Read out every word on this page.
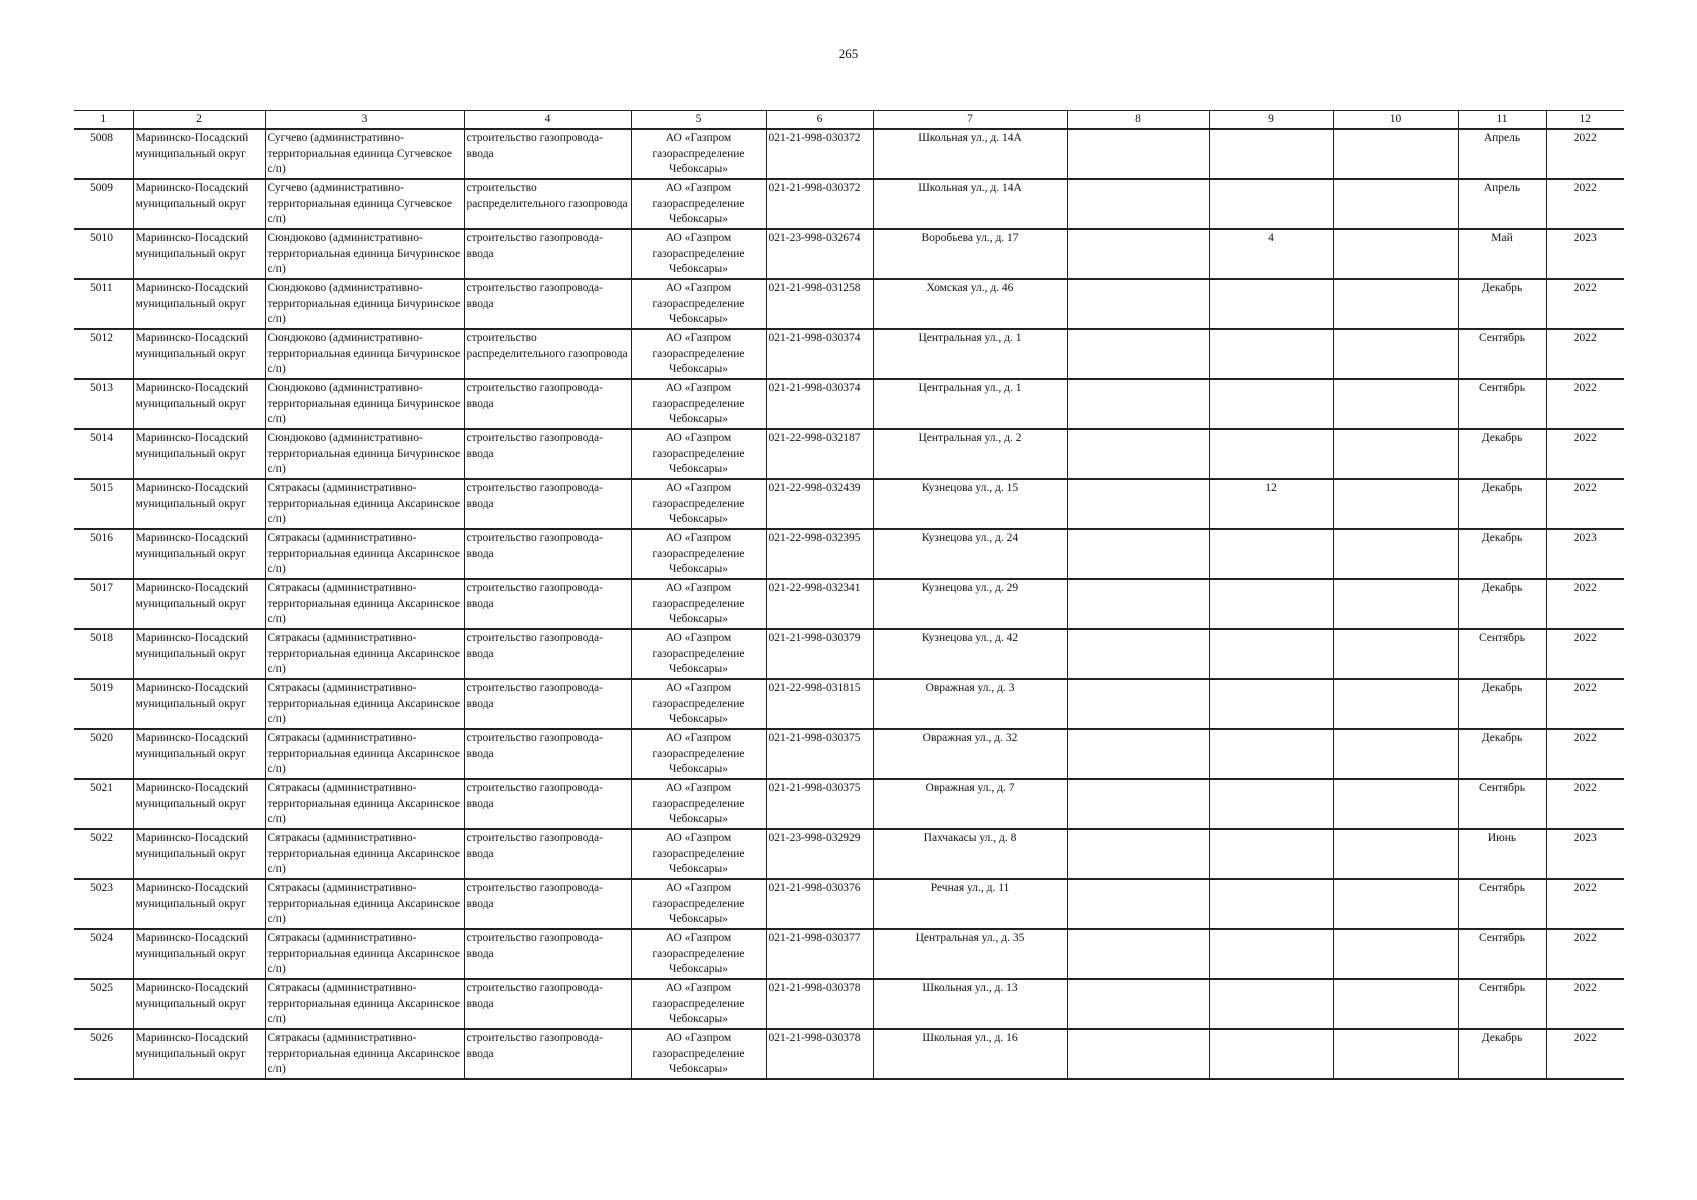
265
1	2	3	4	5	6	7	8	9	10	11	12
5008	Мариинско-Посадский муниципальный округ	Сугчево (административно-территориальная единица Сугчевское с/п)	строительство газопровода-ввода	АО «Газпром газораспределение Чебоксары»	021-21-998-030372	Школьная ул., д. 14А				Апрель	2022
5009	Мариинско-Посадский муниципальный округ	Сугчево (административно-территориальная единица Сугчевское с/п)	строительство распределительного газопровода	АО «Газпром газораспределение Чебоксары»	021-21-998-030372	Школьная ул., д. 14А				Апрель	2022
5010	Мариинско-Посадский муниципальный округ	Сюндюково (административно-территориальная единица Бичуринское с/п)	строительство газопровода-ввода	АО «Газпром газораспределение Чебоксары»	021-23-998-032674	Воробьева ул., д. 17		4		Май	2023
5011	Мариинско-Посадский муниципальный округ	Сюндюково (административно-территориальная единица Бичуринское с/п)	строительство газопровода-ввода	АО «Газпром газораспределение Чебоксары»	021-21-998-031258	Хомская ул., д. 46				Декабрь	2022
5012	Мариинско-Посадский муниципальный округ	Сюндюково (административно-территориальная единица Бичуринское с/п)	строительство распределительного газопровода	АО «Газпром газораспределение Чебоксары»	021-21-998-030374	Центральная ул., д. 1				Сентябрь	2022
5013	Мариинско-Посадский муниципальный округ	Сюндюково (административно-территориальная единица Бичуринское с/п)	строительство газопровода-ввода	АО «Газпром газораспределение Чебоксары»	021-21-998-030374	Центральная ул., д. 1				Сентябрь	2022
5014	Мариинско-Посадский муниципальный округ	Сюндюково (административно-территориальная единица Бичуринское с/п)	строительство газопровода-ввода	АО «Газпром газораспределение Чебоксары»	021-22-998-032187	Центральная ул., д. 2				Декабрь	2022
5015	Мариинско-Посадский муниципальный округ	Сятракасы (административно-территориальная единица Аксаринское с/п)	строительство газопровода-ввода	АО «Газпром газораспределение Чебоксары»	021-22-998-032439	Кузнецова ул., д. 15		12		Декабрь	2022
5016	Мариинско-Посадский муниципальный округ	Сятракасы (административно-территориальная единица Аксаринское с/п)	строительство газопровода-ввода	АО «Газпром газораспределение Чебоксары»	021-22-998-032395	Кузнецова ул., д. 24				Декабрь	2023
5017	Мариинско-Посадский муниципальный округ	Сятракасы (административно-территориальная единица Аксаринское с/п)	строительство газопровода-ввода	АО «Газпром газораспределение Чебоксары»	021-22-998-032341	Кузнецова ул., д. 29				Декабрь	2022
5018	Мариинско-Посадский муниципальный округ	Сятракасы (административно-территориальная единица Аксаринское с/п)	строительство газопровода-ввода	АО «Газпром газораспределение Чебоксары»	021-21-998-030379	Кузнецова ул., д. 42				Сентябрь	2022
5019	Мариинско-Посадский муниципальный округ	Сятракасы (административно-территориальная единица Аксаринское с/п)	строительство газопровода-ввода	АО «Газпром газораспределение Чебоксары»	021-22-998-031815	Овражная ул., д. 3				Декабрь	2022
5020	Мариинско-Посадский муниципальный округ	Сятракасы (административно-территориальная единица Аксаринское с/п)	строительство газопровода-ввода	АО «Газпром газораспределение Чебоксары»	021-21-998-030375	Овражная ул., д. 32				Декабрь	2022
5021	Мариинско-Посадский муниципальный округ	Сятракасы (административно-территориальная единица Аксаринское с/п)	строительство газопровода-ввода	АО «Газпром газораспределение Чебоксары»	021-21-998-030375	Овражная ул., д. 7				Сентябрь	2022
5022	Мариинско-Посадский муниципальный округ	Сятракасы (административно-территориальная единица Аксаринское с/п)	строительство газопровода-ввода	АО «Газпром газораспределение Чебоксары»	021-23-998-032929	Пахчакасы ул., д. 8				Июнь	2023
5023	Мариинско-Посадский муниципальный округ	Сятракасы (административно-территориальная единица Аксаринское с/п)	строительство газопровода-ввода	АО «Газпром газораспределение Чебоксары»	021-21-998-030376	Речная ул., д. 11				Сентябрь	2022
5024	Мариинско-Посадский муниципальный округ	Сятракасы (административно-территориальная единица Аксаринское с/п)	строительство газопровода-ввода	АО «Газпром газораспределение Чебоксары»	021-21-998-030377	Центральная ул., д. 35				Сентябрь	2022
5025	Мариинско-Посадский муниципальный округ	Сятракасы (административно-территориальная единица Аксаринское с/п)	строительство газопровода-ввода	АО «Газпром газораспределение Чебоксары»	021-21-998-030378	Школьная ул., д. 13				Сентябрь	2022
5026	Мариинско-Посадский муниципальный округ	Сятракасы (административно-территориальная единица Аксаринское с/п)	строительство газопровода-ввода	АО «Газпром газораспределение Чебоксары»	021-21-998-030378	Школьная ул., д. 16				Декабрь	2022
